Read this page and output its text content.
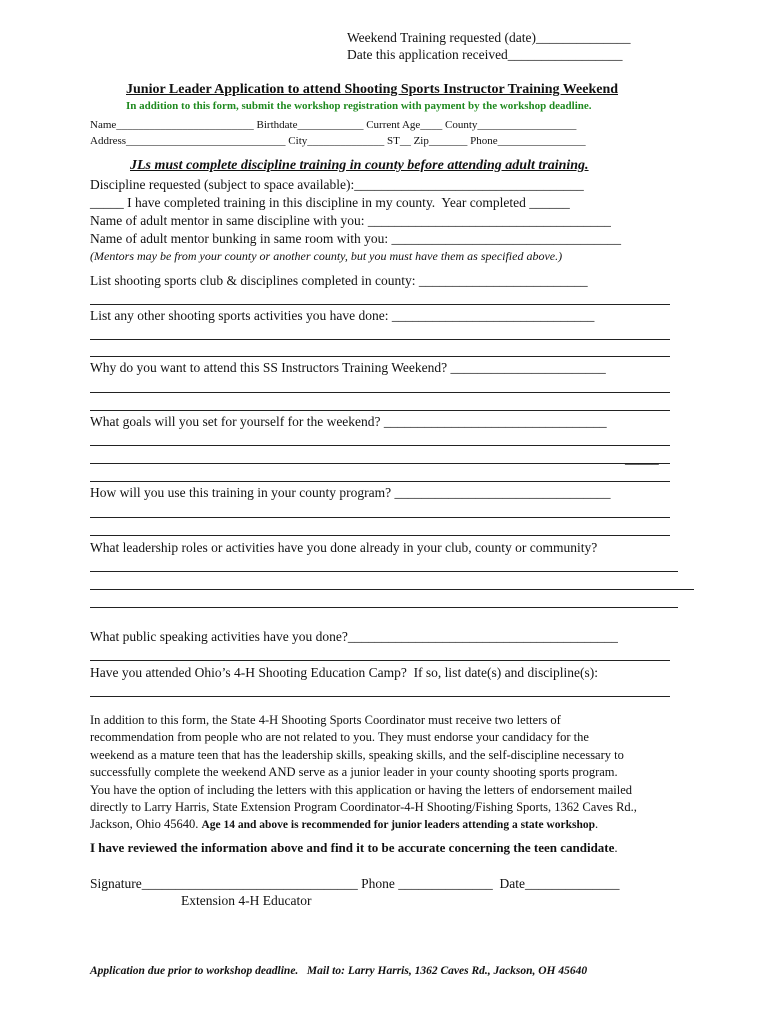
Weekend Training requested (date)______________
Date this application received_________________
Junior Leader Application to attend Shooting Sports Instructor Training Weekend
In addition to this form, submit the workshop registration with payment by the workshop deadline.
Name_________________________ Birthdate____________ Current Age____ County__________________
Address_____________________________ City______________ ST__ Zip_______ Phone________________
JLs must complete discipline training in county before attending adult training.
Discipline requested (subject to space available):__________________________________
_____ I have completed training in this discipline in my county.  Year completed ______
Name of adult mentor in same discipline with you: ____________________________________
Name of adult mentor bunking in same room with you: __________________________________
(Mentors may be from your county or another county, but you must have them as specified above.)
List shooting sports club & disciplines completed in county: _________________________
List any other shooting sports activities you have done: ______________________________
Why do you want to attend this SS Instructors Training Weekend? _______________________
What goals will you set for yourself for the weekend? _________________________________
_____
How will you use this training in your county program? ________________________________
What leadership roles or activities have you done already in your club, county or community?
What public speaking activities have you done?________________________________________
Have you attended Ohio’s 4-H Shooting Education Camp?  If so, list date(s) and discipline(s):
In addition to this form, the State 4-H Shooting Sports Coordinator must receive two letters of
recommendation from people who are not related to you. They must endorse your candidacy for the
weekend as a mature teen that has the leadership skills, speaking skills, and the self-discipline necessary to
successfully complete the weekend AND serve as a junior leader in your county shooting sports program.
You have the option of including the letters with this application or having the letters of endorsement mailed
directly to Larry Harris, State Extension Program Coordinator-4-H Shooting/Fishing Sports, 1362 Caves Rd.,
Jackson, Ohio 45640. Age 14 and above is recommended for junior leaders attending a state workshop.
I have reviewed the information above and find it to be accurate concerning the teen candidate.
Signature________________________________ Phone ______________  Date______________
Extension 4-H Educator
Application due prior to workshop deadline.   Mail to: Larry Harris, 1362 Caves Rd., Jackson, OH 45640
